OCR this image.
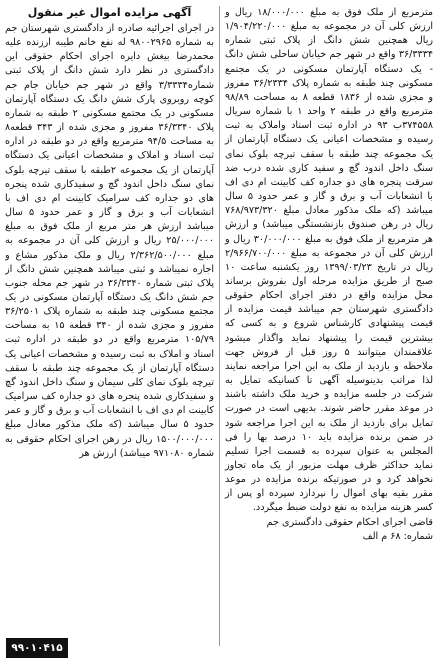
مترمربع از ملک فوق به مبلغ ۱۸/۰۰۰/۰۰۰ ریال و ارزش کلی آن در مجموعه به مبلغ ۱/۹۰۴/۲۲۰/۰۰۰ ریال همچنین شش دانگ از پلاک ثبتی شماره ۳۶/۳۳۳۴ واقع در شهر جم خیابان ساحلی شش دانگ - یک دستگاه آپارتمان مسکونی در یک مجتمع مسکونی چند طبقه به شماره پلاک ۳۶/۲۳۳۴ مفروز و مجزی شده از ۱۸۳۶ قطعه ۸ به مساحت ۹۸/۸۹ مترمربع واقع در طبقه ۲ واحد ۱ با شماره سریال ۳۷۴۵۵۸ب ۹۳ در اداره ثبت اسناد واملاک به ثبت رسیده و مشخصات اعیانی یک دستگاه آپارتمان از یک مجموعه چند طبقه با سقف تیرچه بلوک نمای سنگ داخل اندود گچ و سفید کاری شده درب ضد سرقت پنجره های دو جداره کف کابینت ام دی اف با انشعابات آب و برق و گاز و عمر حدود ۵ سال میباشد (که ملک مذکور معادل مبلغ ۷۶۸/۹۷۳/۳۲۰ ریال در رهن صندوق بازنشستگی میباشد) و ارزش هر مترمربع از ملک فوق به مبلغ ۳۰/۰۰۰/۰۰۰ ریال و ارزش کلی آن در مجموعه به مبلغ ۲/۹۶۶/۷۰۰/۰۰۰ ریال در تاریخ ۱۳۹۹/۰۳/۲۳ روز یکشنبه ساعت ۱۰ صبح از طریق مزایده مرحله اول بفروش برساند محل مزایده واقع در دفتر اجرای احکام حقوقی دادگستری شهرستان جم میباشد قیمت مزایده از قیمت پیشنهادی کارشناس شروع و به کسی که بیشترین قیمت را پیشنهاد نماید واگذار میشود علاقمندان میتوانند ۵ روز قبل از فروش جهت ملاحظه و بازدید از ملک به این اجرا مراجعه نمایند لذا مراتب بدینوسیله آگهی تا کسانیکه تمایل به شرکت در جلسه مزایده و خرید ملک داشته باشند در موعد مقرر حاضر شوند. بدیهی است در صورت تمایل برای بازدید از ملک به این اجرا مراجعه شود در ضمن برنده مزایده باید ۱۰ درصد بها را فی المجلس به عنوان سپرده به قسمت اجرا تسلیم نماید حداکثر ظرف مهلت مزبور از یک ماه تجاوز نخواهد کرد و در صورتیکه برنده مزایده در موعد مقرر بقیه بهای اموال را نپردازد سپرده او پس از کسر هزینه مزایده به نفع دولت ضبط میگردد.

قاضی اجرای احکام حقوقی دادگستری جم

شماره: ۶۸ م الف

آگهی مزایده اموال غیر منقول

در اجرای اجرائیه صادره از دادگستری شهرستان جم به شماره ۹۸۰۰۲۹۶۵ له نفع خانم طیبه ارزنده علیه محمدرضا بیغش دایره اجرای احکام حقوقی این دادگستری در نظر دارد شش دانگ از پلاک ثبتی شماره۳/۳۳۳۴ واقع در شهر جم خیابان جام جم کوچه روبروی پارک شش دانگ یک دستگاه آپارتمان مسکونی در یک مجتمع مسکونی ۲ طبقه به شماره پلاک ۳۶/۳۳۴۰ مفروز و مجزی شده از ۳۴۳ قطعه۸ به مساحت ۹۴/۵ مترمربع واقع در دو طبقه در اداره ثبت اسناد و املاک و مشخصات اعیانی یک دستگاه آپارتمان از یک مجموعه ۲طبقه با سقف تیرچه بلوک نمای سنگ داخل اندود گچ و سفیدکاری شده پنجره های دو جداره کف سرامیک کابینت ام دی اف با انشعابات آب و برق و گاز و عمر حدود ۵ سال میباشد ارزش هر متر مربع از ملک فوق به مبلغ ۲۵/۰۰۰/۰۰۰ ریال و ارزش کلی آن در مجموعه به مبلغ ۲/۳۶۲/۵۰۰/۰۰۰ ریال و ملک مذکور مشاع و اجاره نمیباشد و ثبتی میباشد همچنین شش دانگ از پلاک ثبتی شماره ۳۶/۳۳۴۰ در شهر جم محله جنوب جم شش دانگ یک دستگاه آپارتمان مسکونی در یک مجتمع مسکونی چند طبقه به شماره پلاک ۳۶/۲۵۰۱ مفروز و مجزی شده از ۳۴۰ قطعه ۱۵ به مساحت ۱۰۵/۷۹ مترمربع واقع در دو طبقه در اداره ثبت اسناد و املاک به ثبت رسیده و مشخصات اعیانی یک دستگاه آپارتمان از یک مجموعه چند طبقه با سقف تیرچه بلوک نمای کلی سیمان و سنگ داخل اندود گچ و سفیدکاری شده پنجره های دو جداره کف سرامیک کابینت ام دی اف با انشعابات آب و برق و گاز و عمر حدود ۵ سال میباشد (که ملک مذکور معادل مبلغ ۱۵۰۰/۰۰۰/۰۰۰ ریال در رهن اجرای احکام حقوقی به شماره ۹۷۱۰۸۰ میباشد) ارزش هر

۹۹۰۱۰۴۱۵
